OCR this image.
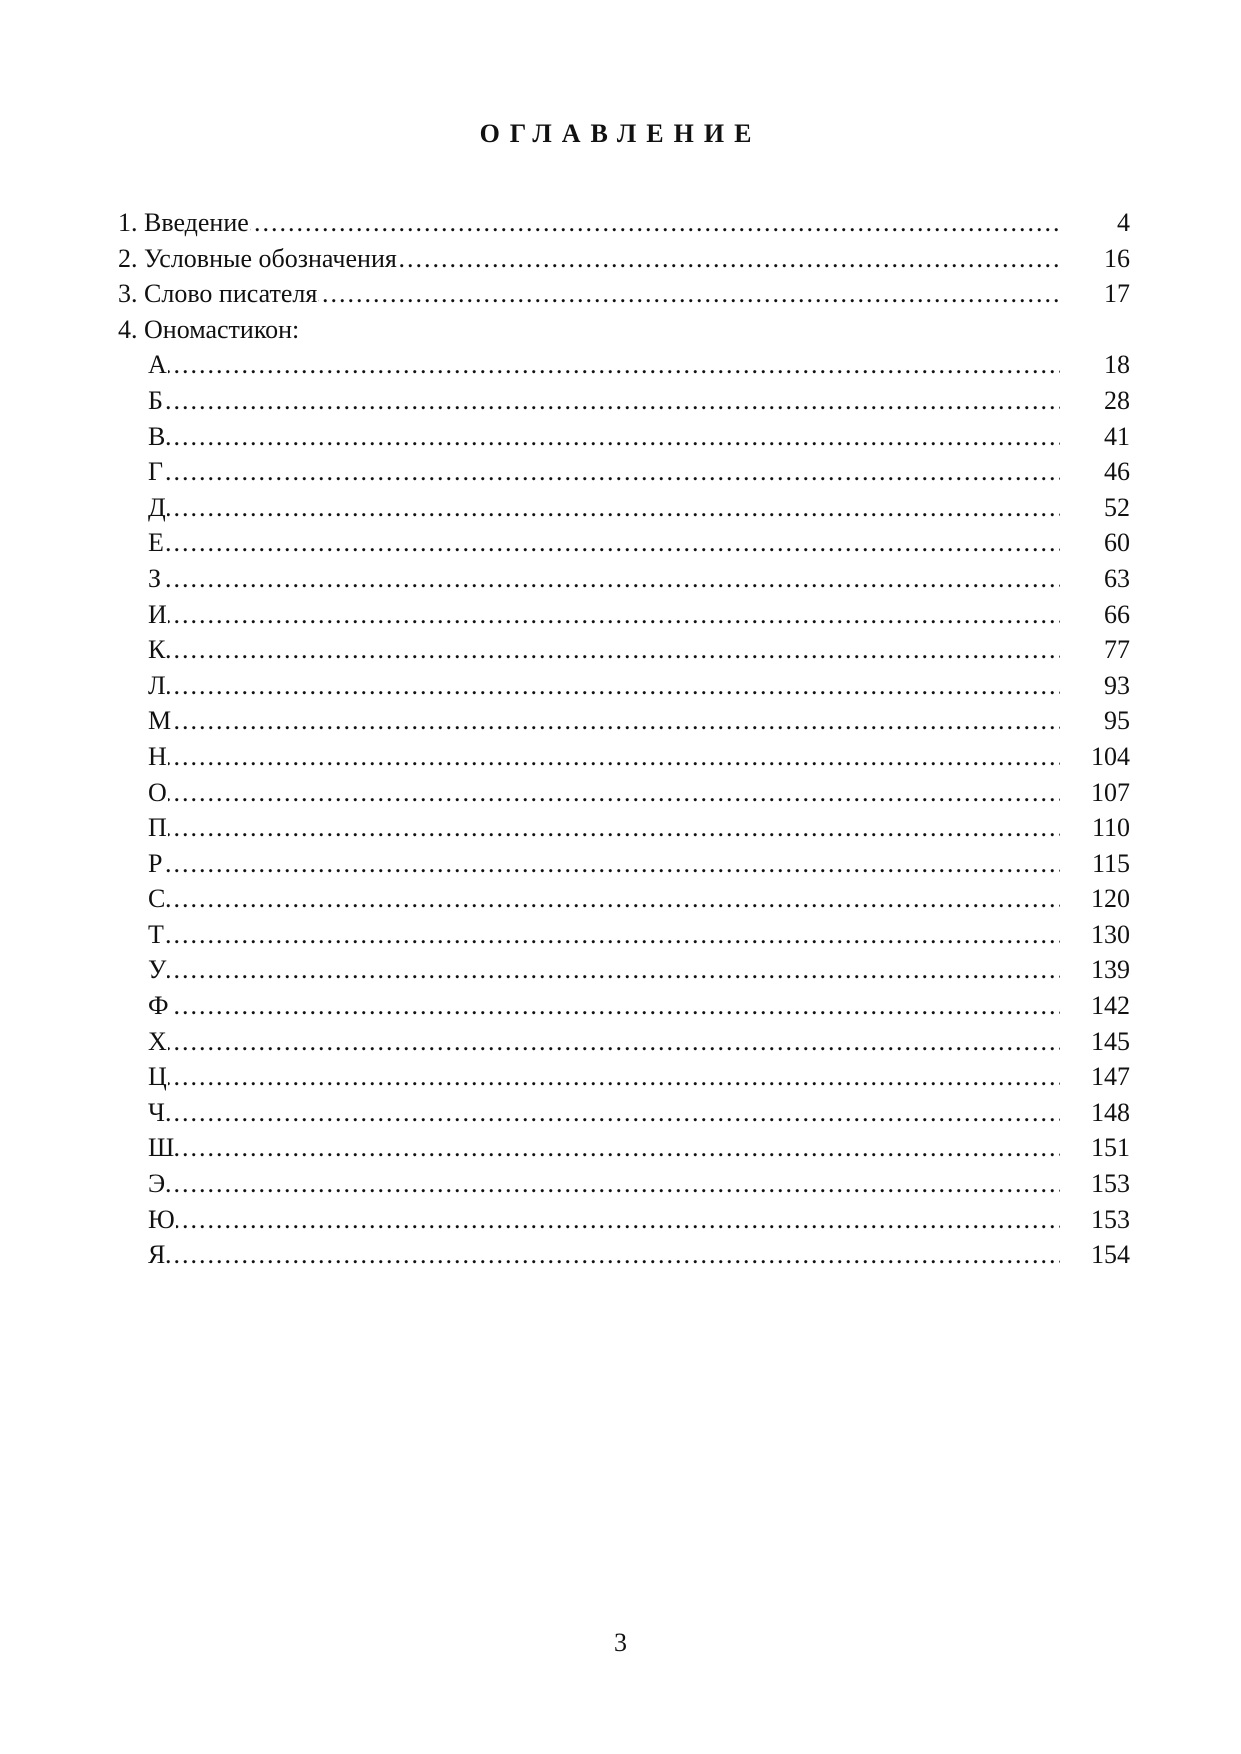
ОГЛАВЛЕНИЕ
.....
1. Введение	4
.....
2. Условные обозначения	16
.....
3. Слово писателя	17
4. Ономастикон:
.....
А	18
.....
Б	28
.....
В	41
.....
Г	46
.....
Д	52
.....
Е	60
.....
З	63
.....
И	66
.....
К	77
.....
Л	93
.....
М	95
.....
Н	104
.....
О	107
.....
П	110
.....
Р	115
.....
С	120
.....
Т	130
.....
У	139
.....
Ф	142
.....
Х	145
.....
Ц	147
.....
Ч	148
.....
Ш	151
.....
Э	153
.....
Ю	153
.....
Я	154
3
